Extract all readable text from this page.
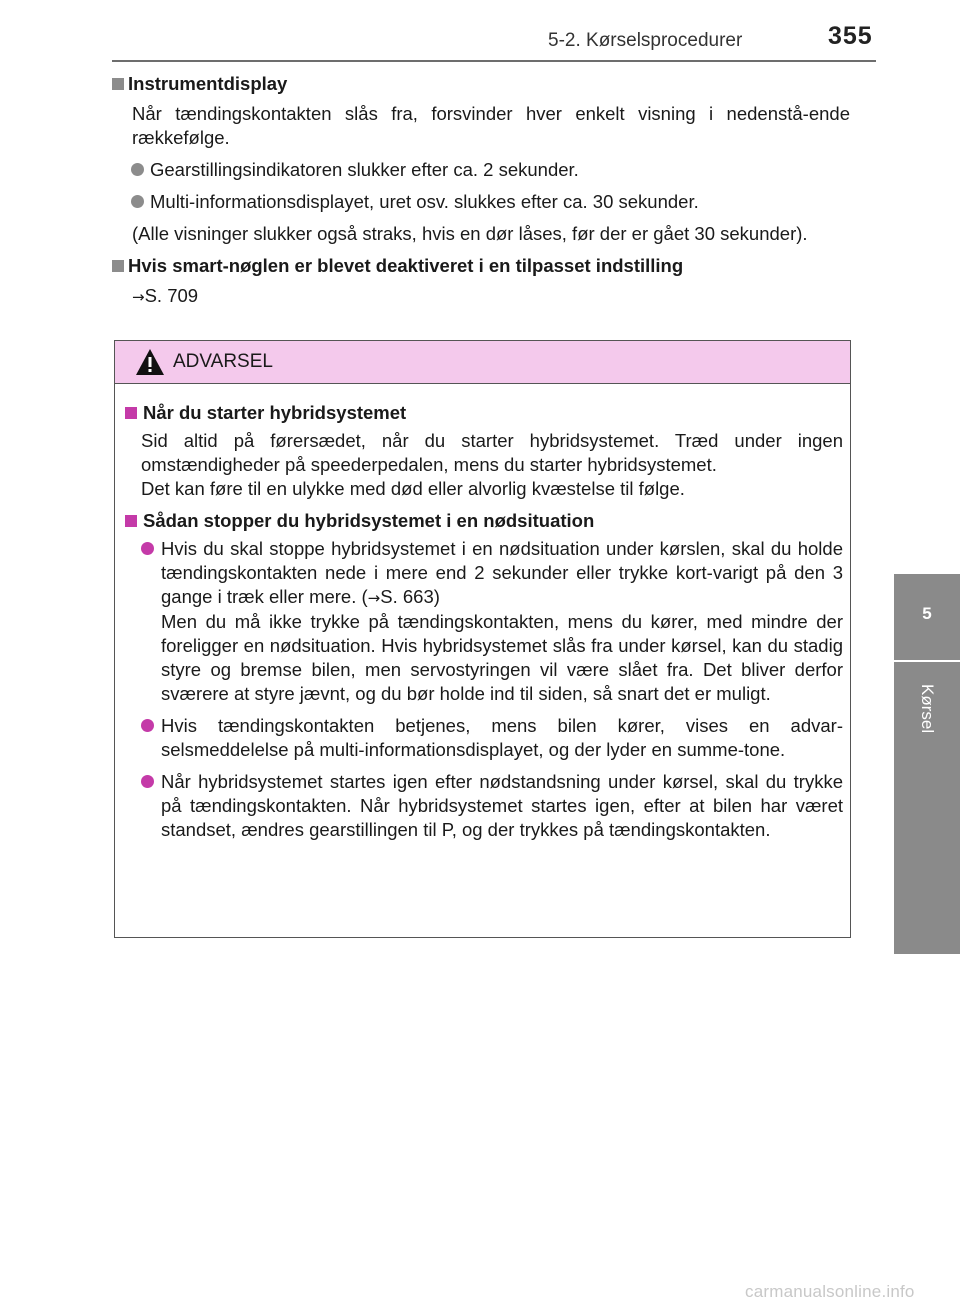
5-2. Kørselsprocedurer	355
5
Kørsel
Instrumentdisplay
Når tændingskontakten slås fra, forsvinder hver enkelt visning i nedenstå-ende rækkefølge.
Gearstillingsindikatoren slukker efter ca. 2 sekunder.
Multi-informationsdisplayet, uret osv. slukkes efter ca. 30 sekunder.
(Alle visninger slukker også straks, hvis en dør låses, før der er gået 30 sekunder).
Hvis smart-nøglen er blevet deaktiveret i en tilpasset indstilling
→S. 709
ADVARSEL
Når du starter hybridsystemet
Sid altid på førersædet, når du starter hybridsystemet. Træd under ingen omstændigheder på speederpedalen, mens du starter hybridsystemet.
Det kan føre til en ulykke med død eller alvorlig kvæstelse til følge.
Sådan stopper du hybridsystemet i en nødsituation
Hvis du skal stoppe hybridsystemet i en nødsituation under kørslen, skal du holde tændingskontakten nede i mere end 2 sekunder eller trykke kort-varigt på den 3 gange i træk eller mere. (→S. 663)
Men du må ikke trykke på tændingskontakten, mens du kører, med mindre der foreligger en nødsituation. Hvis hybridsystemet slås fra under kørsel, kan du stadig styre og bremse bilen, men servostyringen vil være slået fra. Det bliver derfor sværere at styre jævnt, og du bør holde ind til siden, så snart det er muligt.
Hvis tændingskontakten betjenes, mens bilen kører, vises en advar-selsmeddelelse på multi-informationsdisplayet, og der lyder en summe-tone.
Når hybridsystemet startes igen efter nødstandsning under kørsel, skal du trykke på tændingskontakten. Når hybridsystemet startes igen, efter at bilen har været standset, ændres gearstillingen til P, og der trykkes på tændingskontakten.
carmanualsonline.info
